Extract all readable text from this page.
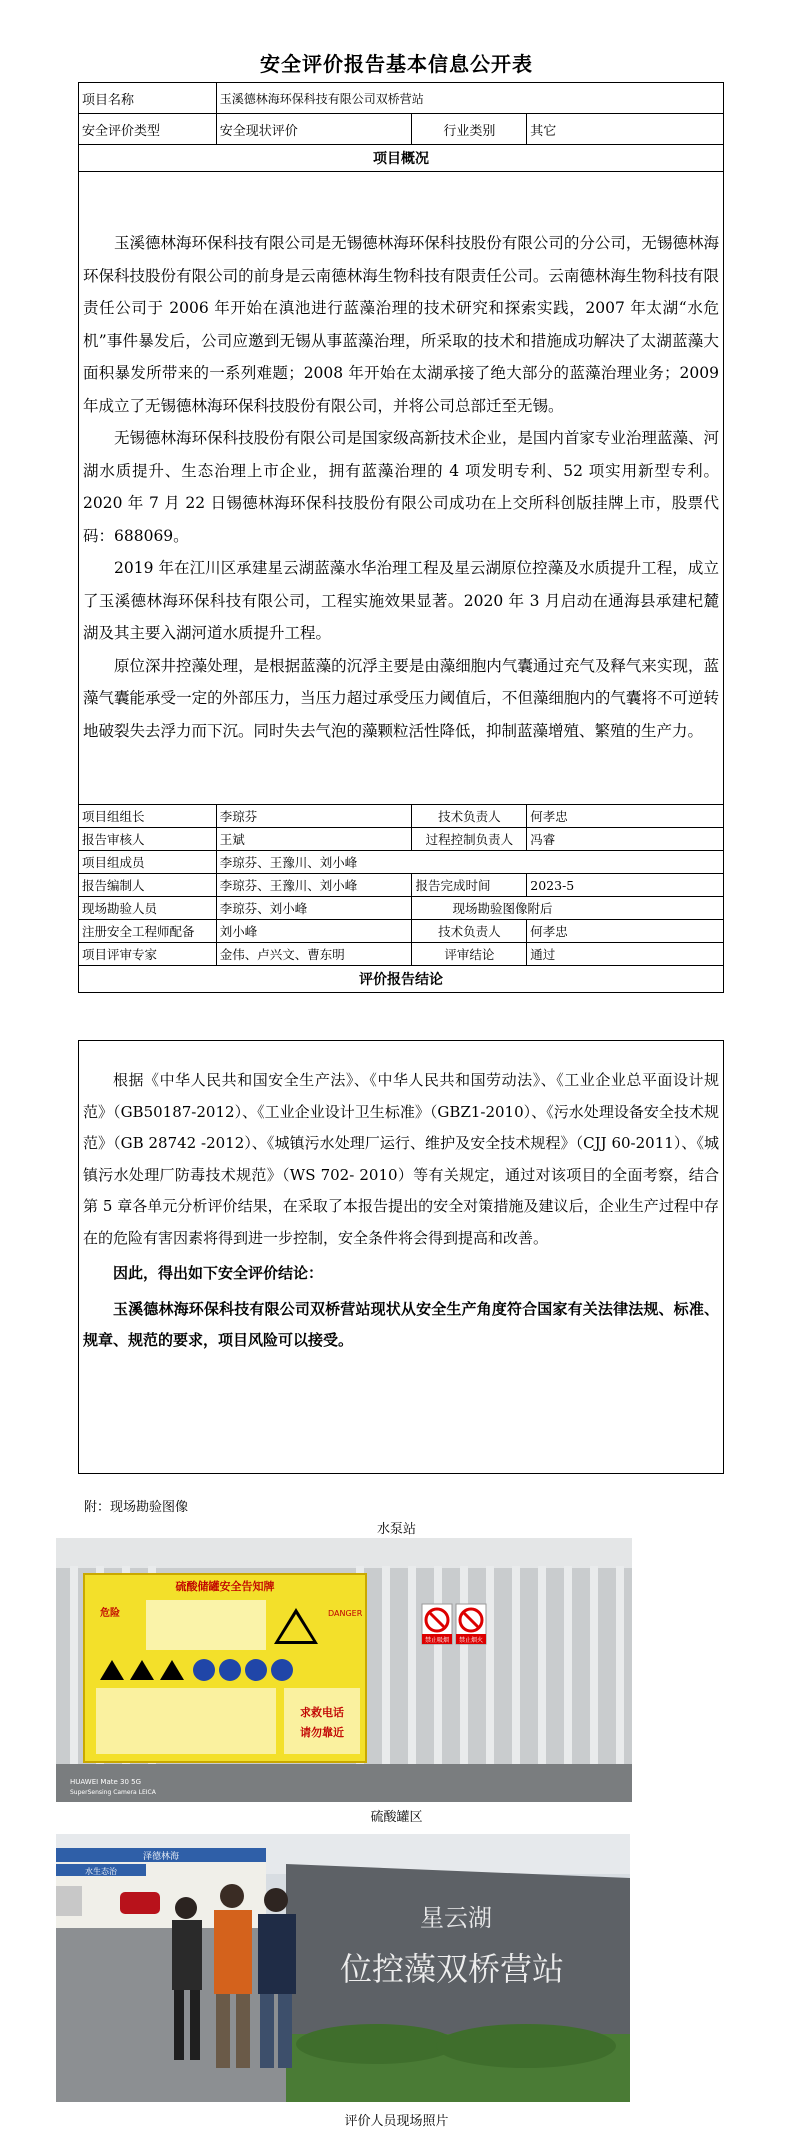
安全评价报告基本信息公开表
项目名称	玉溪德林海环保科技有限公司双桥营站		
安全评价类型	安全现状评价	行业类别	其它
项目概况			

玉溪德林海环保科技有限公司是无锡德林海环保科技股份有限公司的分公司，无锡德林海环保科技股份有限公司的前身是云南德林海生物科技有限责任公司。云南德林海生物科技有限责任公司于 2006 年开始在滇池进行蓝藻治理的技术研究和探索实践，2007 年太湖“水危机”事件暴发后，公司应邀到无锡从事蓝藻治理，所采取的技术和措施成功解决了太湖蓝藻大面积暴发所带来的一系列难题；2008 年开始在太湖承接了绝大部分的蓝藻治理业务；2009 年成立了无锡德林海环保科技股份有限公司，并将公司总部迁至无锡。

无锡德林海环保科技股份有限公司是国家级高新技术企业，是国内首家专业治理蓝藻、河湖水质提升、生态治理上市企业，拥有蓝藻治理的 4 项发明专利、52 项实用新型专利。2020 年 7 月 22 日锡德林海环保科技股份有限公司成功在上交所科创版挂牌上市，股票代码：688069。

2019 年在江川区承建星云湖蓝藻水华治理工程及星云湖原位控藻及水质提升工程，成立了玉溪德林海环保科技有限公司，工程实施效果显著。2020 年 3 月启动在通海县承建杞麓湖及其主要入湖河道水质提升工程。

原位深井控藻处理，是根据蓝藻的沉浮主要是由藻细胞内气囊通过充气及释气来实现，蓝藻气囊能承受一定的外部压力，当压力超过承受压力阈值后，不但藻细胞内的气囊将不可逆转地破裂失去浮力而下沉。同时失去气泡的藻颗粒活性降低，抑制蓝藻增殖、繁殖的生产力。			

项目组组长	李琼芬	技术负责人	何孝忠
报告审核人	王斌	过程控制负责人	冯睿
项目组成员	李琼芬、王豫川、刘小峰		
报告编制人	李琼芬、王豫川、刘小峰	报告完成时间	2023-5
现场勘验人员	李琼芬、刘小峰	现场勘验图像附后	
注册安全工程师配备	刘小峰	技术负责人	何孝忠
项目评审专家	金伟、卢兴文、曹东明	评审结论	通过
评价报告结论			

根据《中华人民共和国安全生产法》、《中华人民共和国劳动法》、《工业企业总平面设计规范》（GB50187-2012）、《工业企业设计卫生标准》（GBZ1-2010）、《污水处理设备安全技术规范》（GB 28742 -2012）、《城镇污水处理厂运行、维护及安全技术规程》（CJJ 60-2011）、《城镇污水处理厂防毒技术规范》（WS 702- 2010）等有关规定，通过对该项目的全面考察，结合第 5 章各单元分析评价结果，在采取了本报告提出的安全对策措施及建议后，企业生产过程中存在的危险有害因素将得到进一步控制，安全条件将会得到提高和改善。

因此，得出如下安全评价结论：

玉溪德林海环保科技有限公司双桥营站现状从安全生产角度符合国家有关法律法规、标准、规章、规范的要求，项目风险可以接受。

附：现场勘验图像
水泵站
硫酸储罐安全告知牌
危险	DANGER
求救电话
请勿靠近
禁止吸烟 禁止烟火
HUAWEI Mate 30 5G
SuperSensing Camera LEICA
硫酸罐区
泽德林海
水生态治
星云湖
位控藻双桥营站
评价人员现场照片
